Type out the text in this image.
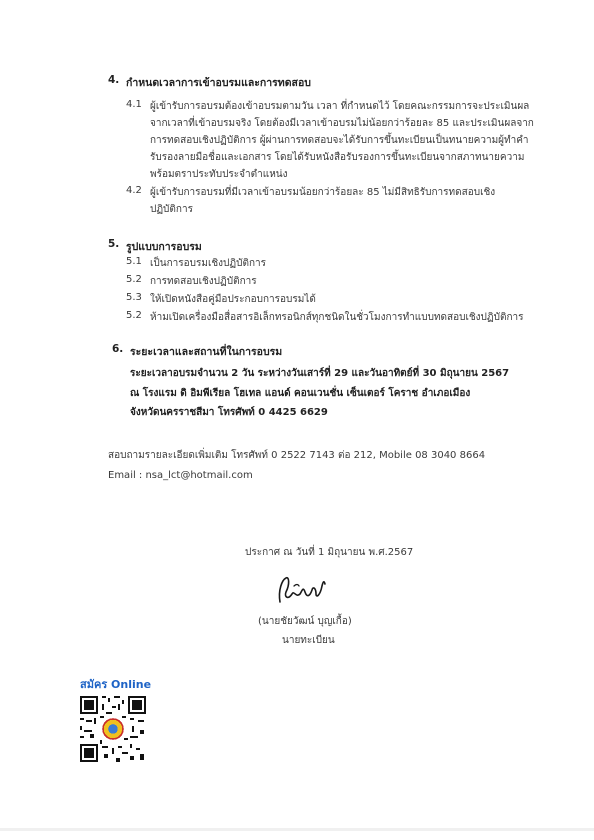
4. กำหนดเวลาการเข้าอบรมและการทดสอบ
4.1 ผู้เข้ารับการอบรมต้องเข้าอบรมตามวัน เวลา ที่กำหนดไว้ โดยคณะกรรมการจะประเมินผล
จากเวลาที่เข้าอบรมจริง โดยต้องมีเวลาเข้าอบรมไม่น้อยกว่าร้อยละ 85 และประเมินผลจาก
การทดสอบเชิงปฏิบัติการ ผู้ผ่านการทดสอบจะได้รับการขึ้นทะเบียนเป็นทนายความผู้ทำคำ
รับรองลายมือชื่อและเอกสาร โดยได้รับหนังสือรับรองการขึ้นทะเบียนจากสภาทนายความ
พร้อมตราประทับประจำตำแหน่ง
4.2 ผู้เข้ารับการอบรมที่มีเวลาเข้าอบรมน้อยกว่าร้อยละ 85 ไม่มีสิทธิรับการทดสอบเชิง
ปฏิบัติการ
5. รูปแบบการอบรม
5.1 เป็นการอบรมเชิงปฏิบัติการ
5.2 การทดสอบเชิงปฏิบัติการ
5.3 ให้เปิดหนังสือคู่มือประกอบการอบรมได้
5.2 ห้ามเปิดเครื่องมือสื่อสารอิเล็กทรอนิกส์ทุกชนิดในชั่วโมงการทำแบบทดสอบเชิงปฏิบัติการ
6. ระยะเวลาและสถานที่ในการอบรม
ระยะเวลาอบรมจำนวน 2 วัน ระหว่างวันเสาร์ที่ 29 และวันอาทิตย์ที่ 30 มิถุนายน 2567
ณ โรงแรม ดิ อิมพีเรียล โฮเทล แอนด์ คอนเวนชั่น เซ็นเตอร์ โคราช อำเภอเมือง
จังหวัดนครราชสีมา โทรศัพท์ 0 4425 6629
สอบถามรายละเอียดเพิ่มเติม โทรศัพท์ 0 2522 7143 ต่อ 212, Mobile 08 3040 8664
Email : nsa_lct@hotmail.com
ประกาศ ณ วันที่ 1 มิถุนายน พ.ศ.2567
(นายชัยวัฒน์ บุญเกื้อ)
นายทะเบียน
สมัคร Online
